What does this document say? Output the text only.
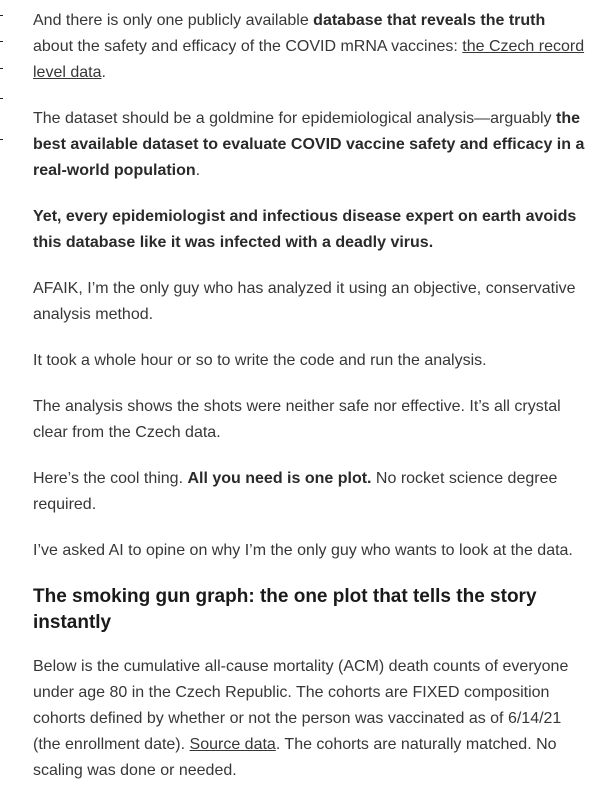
And there is only one publicly available database that reveals the truth about the safety and efficacy of the COVID mRNA vaccines: the Czech record level data.

The dataset should be a goldmine for epidemiological analysis—arguably the best available dataset to evaluate COVID vaccine safety and efficacy in a real-world population.

Yet, every epidemiologist and infectious disease expert on earth avoids this database like it was infected with a deadly virus.

AFAIK, I’m the only guy who has analyzed it using an objective, conservative analysis method.

It took a whole hour or so to write the code and run the analysis.

The analysis shows the shots were neither safe nor effective. It’s all crystal clear from the Czech data.

Here’s the cool thing. All you need is one plot. No rocket science degree required.

I’ve asked AI to opine on why I’m the only guy who wants to look at the data.

The smoking gun graph: the one plot that tells the story instantly

Below is the cumulative all-cause mortality (ACM) death counts of everyone under age 80 in the Czech Republic. The cohorts are FIXED composition cohorts defined by whether or not the person was vaccinated as of 6/14/21 (the enrollment date). Source data. The cohorts are naturally matched. No scaling was done or needed.
